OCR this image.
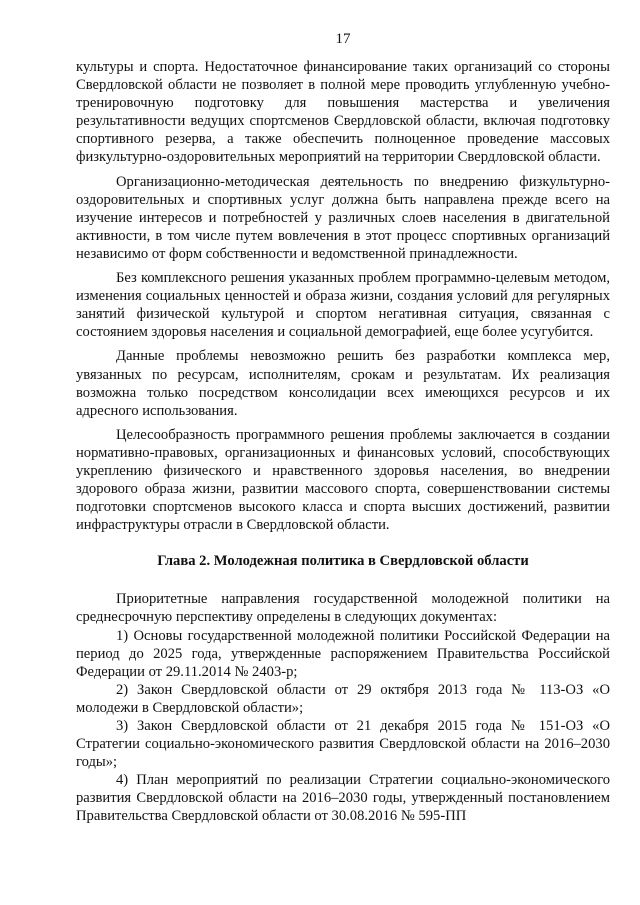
17

культуры и спорта. Недостаточное финансирование таких организаций со стороны Свердловской области не позволяет в полной мере проводить углубленную учебно-тренировочную подготовку для повышения мастерства и увеличения результативности ведущих спортсменов Свердловской области, включая подготовку спортивного резерва, а также обеспечить полноценное проведение массовых физкультурно-оздоровительных мероприятий на территории Свердловской области.

Организационно-методическая деятельность по внедрению физкультурно-оздоровительных и спортивных услуг должна быть направлена прежде всего на изучение интересов и потребностей у различных слоев населения в двигательной активности, в том числе путем вовлечения в этот процесс спортивных организаций независимо от форм собственности и ведомственной принадлежности.

Без комплексного решения указанных проблем программно-целевым методом, изменения социальных ценностей и образа жизни, создания условий для регулярных занятий физической культурой и спортом негативная ситуация, связанная с состоянием здоровья населения и социальной демографией, еще более усугубится.

Данные проблемы невозможно решить без разработки комплекса мер, увязанных по ресурсам, исполнителям, срокам и результатам. Их реализация возможна только посредством консолидации всех имеющихся ресурсов и их адресного использования.

Целесообразность программного решения проблемы заключается в создании нормативно-правовых, организационных и финансовых условий, способствующих укреплению физического и нравственного здоровья населения, во внедрении здорового образа жизни, развитии массового спорта, совершенствовании системы подготовки спортсменов высокого класса и спорта высших достижений, развитии инфраструктуры отрасли в Свердловской области.

Глава 2. Молодежная политика в Свердловской области

Приоритетные направления государственной молодежной политики на среднесрочную перспективу определены в следующих документах:

1) Основы государственной молодежной политики Российской Федерации на период до 2025 года, утвержденные распоряжением Правительства Российской Федерации от 29.11.2014 № 2403-р;

2) Закон Свердловской области от 29 октября 2013 года № 113-ОЗ «О молодежи в Свердловской области»;

3) Закон Свердловской области от 21 декабря 2015 года № 151-ОЗ «О Стратегии социально-экономического развития Свердловской области на 2016–2030 годы»;

4) План мероприятий по реализации Стратегии социально-экономического развития Свердловской области на 2016–2030 годы, утвержденный постановлением Правительства Свердловской области от 30.08.2016 № 595-ПП
